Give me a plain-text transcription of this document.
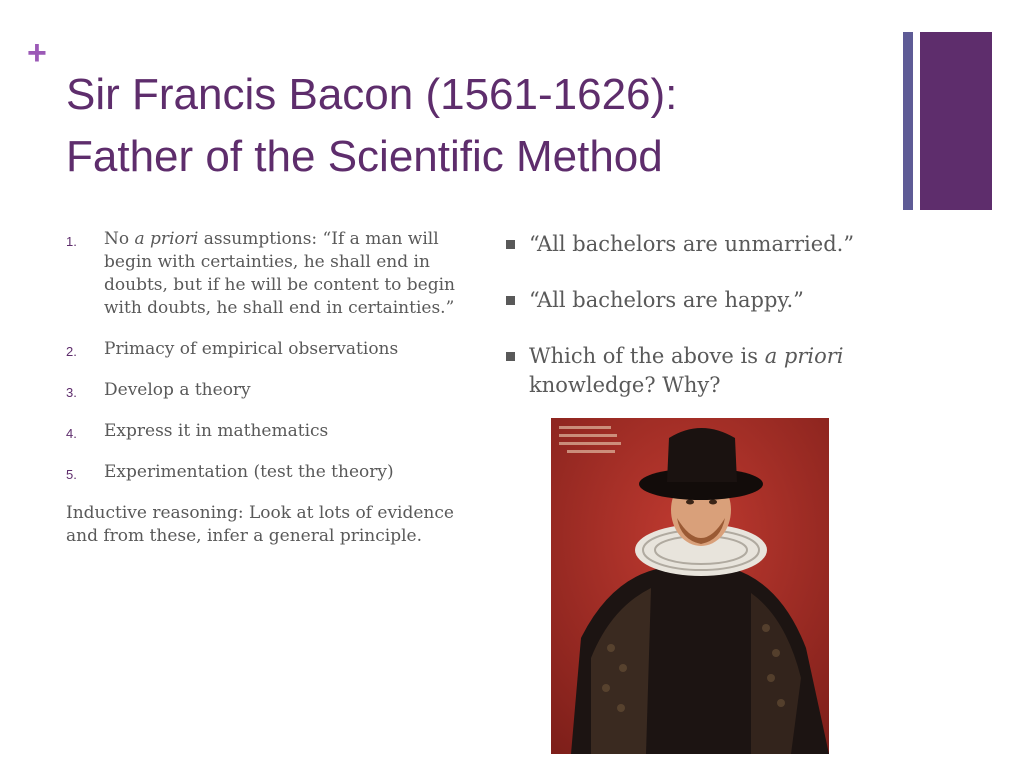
+
Sir Francis Bacon (1561-1626):
Father of the Scientific Method
1. No a priori assumptions: “If a man will begin with certainties, he shall end in doubts, but if he will be content to begin with doubts, he shall end in certainties.”
2. Primacy of empirical observations
3. Develop a theory
4. Express it in mathematics
5. Experimentation (test the theory)

Inductive reasoning: Look at lots of evidence and from these, infer a general principle.

“All bachelors are unmarried.”
“All bachelors are happy.”
Which of the above is a priori knowledge? Why?
